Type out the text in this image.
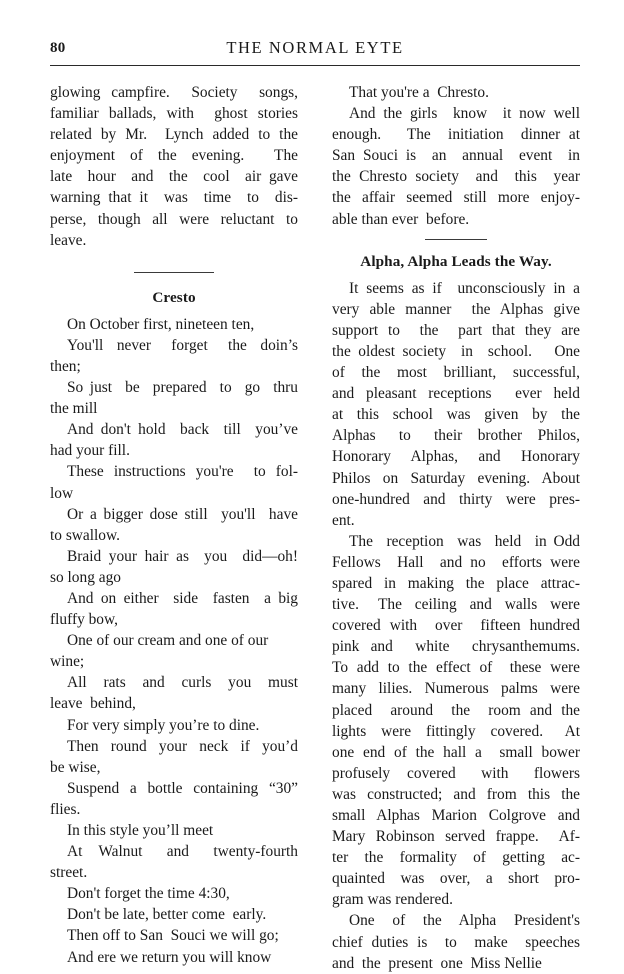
80	THE NORMAL EYTE
glowing campfire.  Society  songs,
familiar ballads, with  ghost stories
related by Mr.  Lynch added to the
enjoyment  of  the  evening.    The
late  hour  and  the  cool  air gave
warning that it  was  time  to  dis-
perse, though all were reluctant to
leave.
Cresto
On October first, nineteen ten,
You'll  never   forget   the  doin’s
then;
So just  be  prepared  to  go  thru
the mill
And don't hold  back  till  you’ve
had your fill.
These instructions you're  to fol-
low
Or a bigger dose still  you'll  have
to swallow.
Braid your hair as  you  did—oh!
so long ago
And on either  side  fasten  a big
fluffy bow,
One of our cream and one of our
wine;
All  rats  and  curls  you  must
leave  behind,
For very simply you’re to dine.
Then  round  your  neck  if  you’d
be wise,
Suspend a bottle containing “30”
flies.
In this style you’ll meet
At  Walnut   and   twenty-fourth
street.
Don't forget the time 4:30,
Don't be late, better come  early.
Then off to San  Souci we will go;
And ere we return you will know
That you're a  Chresto.
And the girls  know  it now well
enough.   The  initiation  dinner at
San Souci is  an  annual  event  in
the Chresto society  and  this  year
the affair seemed still more enjoy-
able than ever  before.
Alpha, Alpha Leads the Way.
It seems as if  unconsciously in a
very able manner  the Alphas give
support to  the  part that they are
the oldest society  in  school.   One
of  the  most  brilliant,  successful,
and pleasant receptions  ever held
at  this  school  was  given  by  the
Alphas   to   their  brother  Philos,
Honorary   Alphas,   and   Honorary
Philos on Saturday evening. About
one-hundred and thirty were pres-
ent.
The  reception  was  held  in Odd
Fellows  Hall  and no  efforts were
spared in making the place attrac-
tive.   The  ceiling  and  walls  were
covered with  over  fifteen hundred
pink and  white  chrysanthemums.
To add to the effect of  these were
many lilies. Numerous palms were
placed  around  the  room and the
lights  were  fittingly  covered.   At
one end of the hall a  small bower
profusely  covered   with   flowers
was constructed; and from this the
small Alphas Marion Colgrove and
Mary Robinson served frappe.  Af-
ter  the  formality  of  getting  ac-
quainted  was  over,  a  short  pro-
gram was rendered.
One  of  the  Alpha  President's
chief duties is  to  make  speeches
and  the  present  one  Miss Nellie
